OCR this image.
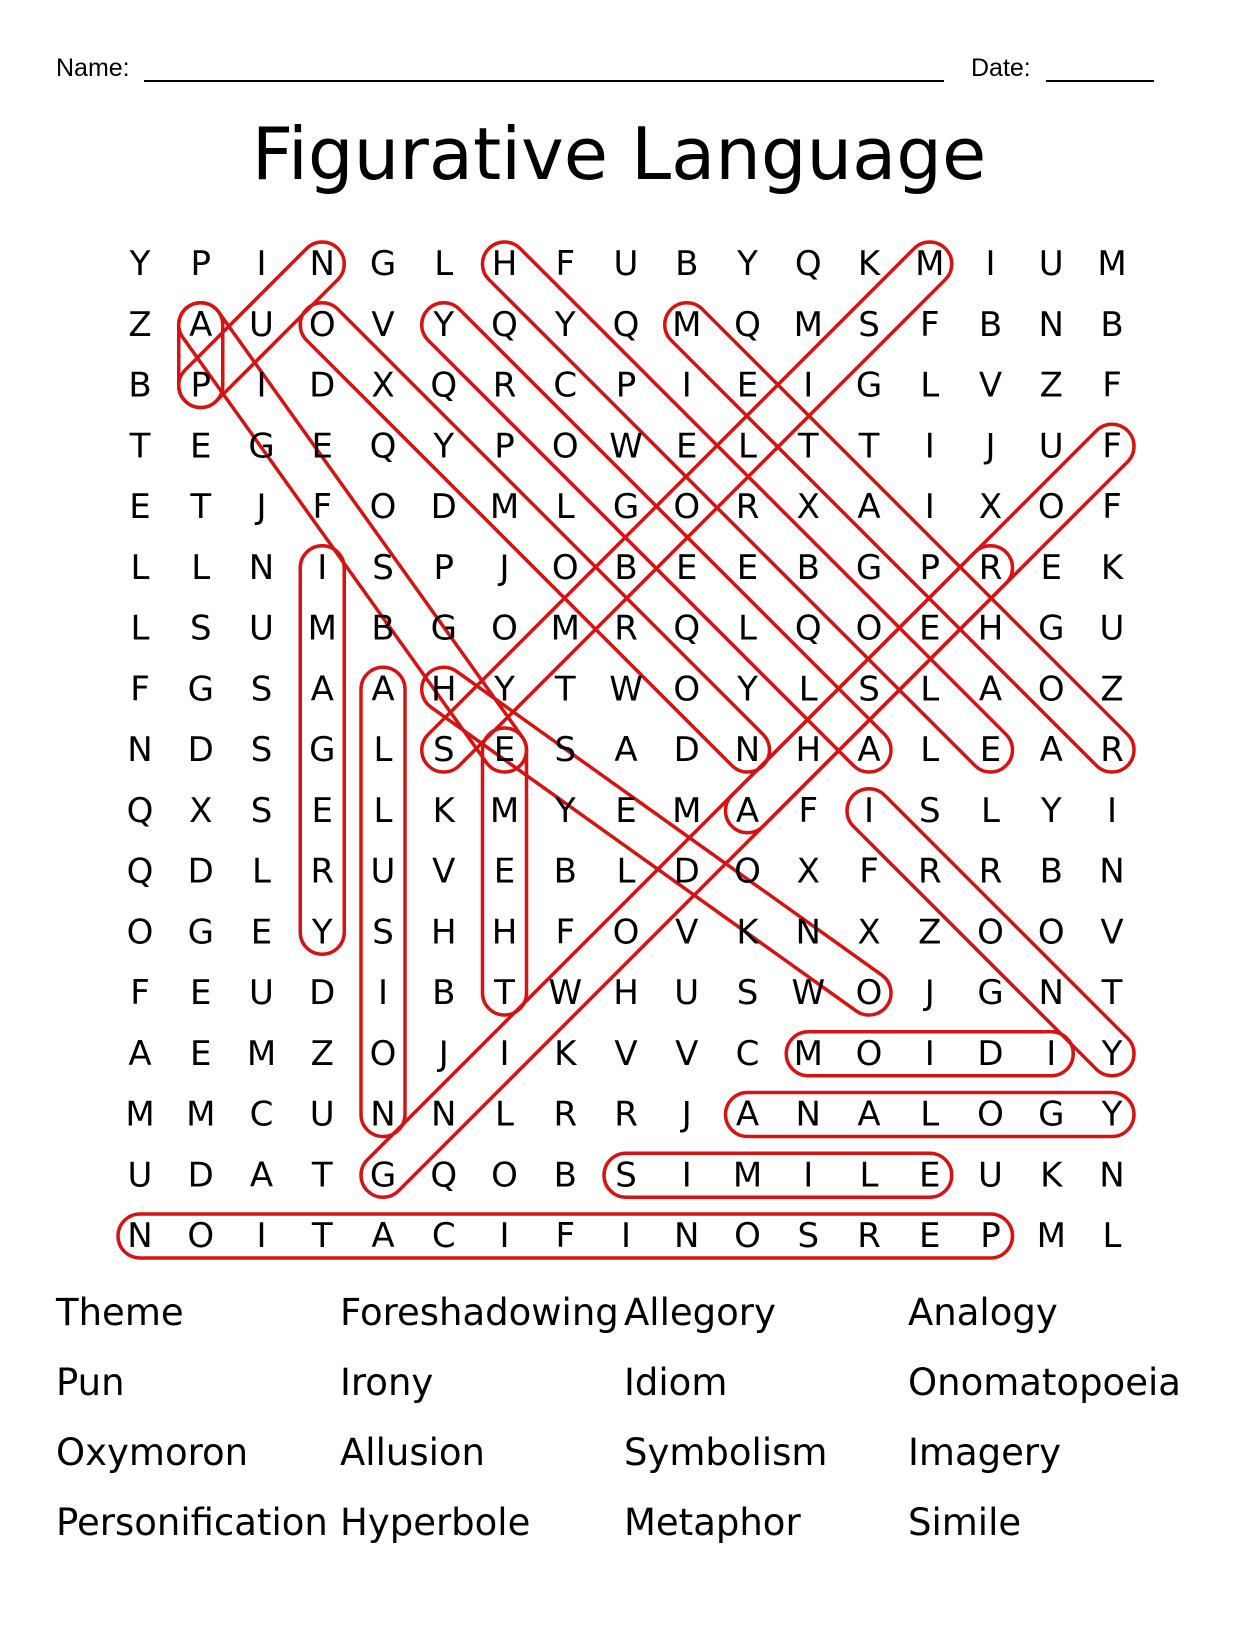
Name:	Date:
Figurative Language
Y P I N G L H F U B Y Q K M I U M
Z A U O V Y Q Y Q M Q M S F B N B
B P I D X Q R C P I E I G L V Z F
T E G E Q Y P O W E L T T I J U F
E T J F O D M L G O R X A I X O F
L L N I S P J O B E E B G P R E K
L S U M B G O M R Q L Q O E H G U
F G S A A H Y T W O Y L S L A O Z
N D S G L S E S A D N H A L E A R
Q X S E L K M Y E M A F I S L Y I
Q D L R U V E B L D O X F R R B N
O G E Y S H H F O V K N X Z O O V
F E U D I B T W H U S W O J G N T
A E M Z O J I K V V C M O I D I Y
M M C U N N L R R J A N A L O G Y
U D A T G Q O B S I M I L E U K N
N O I T A C I F I N O S R E P M L
Theme	Foreshadowing Allegory	Analogy
Pun	Irony	Idiom	Onomatopoeia
Oxymoron	Allusion	Symbolism	Imagery
Personification Hyperbole	Metaphor	Simile
